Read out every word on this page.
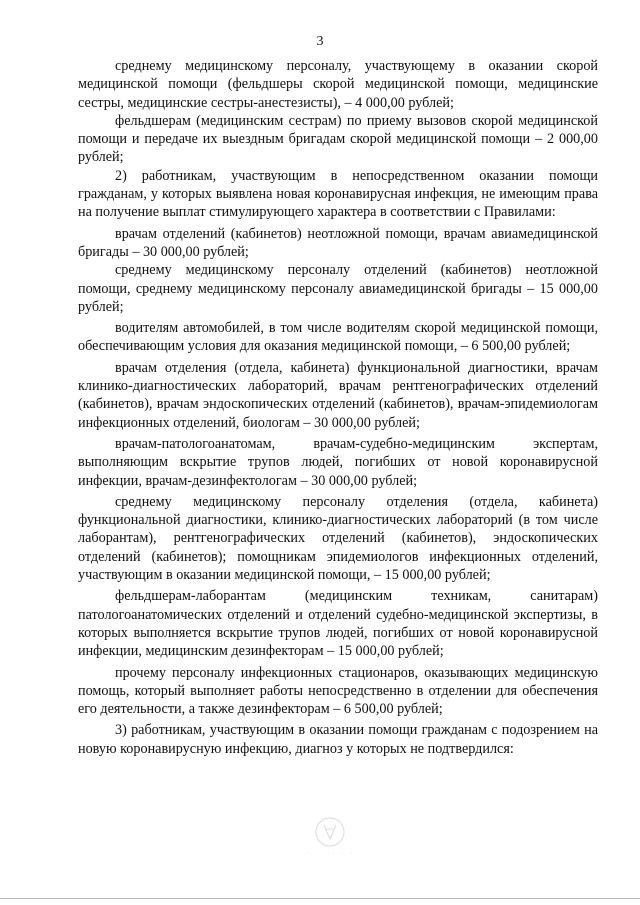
3

среднему медицинскому персоналу, участвующему в оказании скорой медицинской помощи (фельдшеры скорой медицинской помощи, медицинские сестры, медицинские сестры-анестезисты), – 4 000,00 рублей;

фельдшерам (медицинским сестрам) по приему вызовов скорой медицинской помощи и передаче их выездным бригадам скорой медицинской помощи – 2 000,00 рублей;

2) работникам, участвующим в непосредственном оказании помощи гражданам, у которых выявлена новая коронавирусная инфекция, не имеющим права на получение выплат стимулирующего характера в соответствии с Правилами:

врачам отделений (кабинетов) неотложной помощи, врачам авиамедицинской бригады – 30 000,00 рублей;

среднему медицинскому персоналу отделений (кабинетов) неотложной помощи, среднему медицинскому персоналу авиамедицинской бригады – 15 000,00 рублей;

водителям автомобилей, в том числе водителям скорой медицинской помощи, обеспечивающим условия для оказания медицинской помощи, – 6 500,00 рублей;

врачам отделения (отдела, кабинета) функциональной диагностики, врачам клинико-диагностических лабораторий, врачам рентгенографических отделений (кабинетов), врачам эндоскопических отделений (кабинетов), врачам-эпидемиологам инфекционных отделений, биологам – 30 000,00 рублей;

врачам-патологоанатомам, врачам-судебно-медицинским экспертам, выполняющим вскрытие трупов людей, погибших от новой коронавирусной инфекции, врачам-дезинфектологам – 30 000,00 рублей;

среднему медицинскому персоналу отделения (отдела, кабинета) функциональной диагностики, клинико-диагностических лабораторий (в том числе лаборантам), рентгенографических отделений (кабинетов), эндоскопических отделений (кабинетов); помощникам эпидемиологов инфекционных отделений, участвующим в оказании медицинской помощи, – 15 000,00 рублей;

фельдшерам-лаборантам (медицинским техникам, санитарам) патологоанатомических отделений и отделений судебно-медицинской экспертизы, в которых выполняется вскрытие трупов людей, погибших от новой коронавирусной инфекции, медицинским дезинфекторам – 15 000,00 рублей;

прочему персоналу инфекционных стационаров, оказывающих медицинскую помощь, который выполняет работы непосредственно в отделении для обеспечения его деятельности, а также дезинфекторам – 6 500,00 рублей;

3) работникам, участвующим в оказании помощи гражданам с подозрением на новую коронавирусную инфекцию, диагноз у которых не подтвердился:

· · · · · ·
